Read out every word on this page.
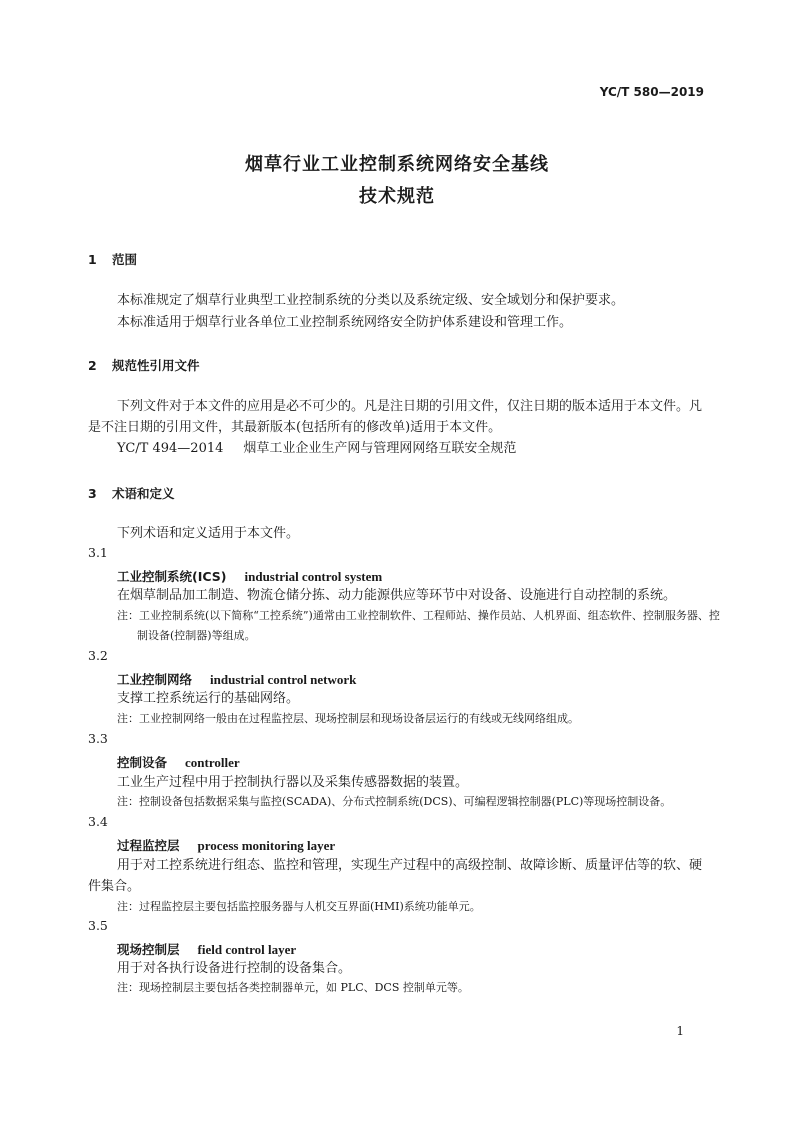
YC/T 580—2019
烟草行业工业控制系统网络安全基线
技术规范
1 范围
本标准规定了烟草行业典型工业控制系统的分类以及系统定级、安全域划分和保护要求。
本标准适用于烟草行业各单位工业控制系统网络安全防护体系建设和管理工作。
2 规范性引用文件
下列文件对于本文件的应用是必不可少的。凡是注日期的引用文件，仅注日期的版本适用于本文件。凡是不注日期的引用文件，其最新版本(包括所有的修改单)适用于本文件。
YC/T 494—2014 烟草工业企业生产网与管理网网络互联安全规范
3 术语和定义
下列术语和定义适用于本文件。
3.1
工业控制系统(ICS) industrial control system
在烟草制品加工制造、物流仓储分拣、动力能源供应等环节中对设备、设施进行自动控制的系统。
注：工业控制系统(以下简称“工控系统”)通常由工业控制软件、工程师站、操作员站、人机界面、组态软件、控制服务器、控制设备(控制器)等组成。
3.2
工业控制网络 industrial control network
支撑工控系统运行的基础网络。
注：工业控制网络一般由在过程监控层、现场控制层和现场设备层运行的有线或无线网络组成。
3.3
控制设备 controller
工业生产过程中用于控制执行器以及采集传感器数据的装置。
注：控制设备包括数据采集与监控(SCADA)、分布式控制系统(DCS)、可编程逻辑控制器(PLC)等现场控制设备。
3.4
过程监控层 process monitoring layer
用于对工控系统进行组态、监控和管理，实现生产过程中的高级控制、故障诊断、质量评估等的软、硬件集合。
注：过程监控层主要包括监控服务器与人机交互界面(HMI)系统功能单元。
3.5
现场控制层 field control layer
用于对各执行设备进行控制的设备集合。
注：现场控制层主要包括各类控制器单元，如 PLC、DCS 控制单元等。
1
